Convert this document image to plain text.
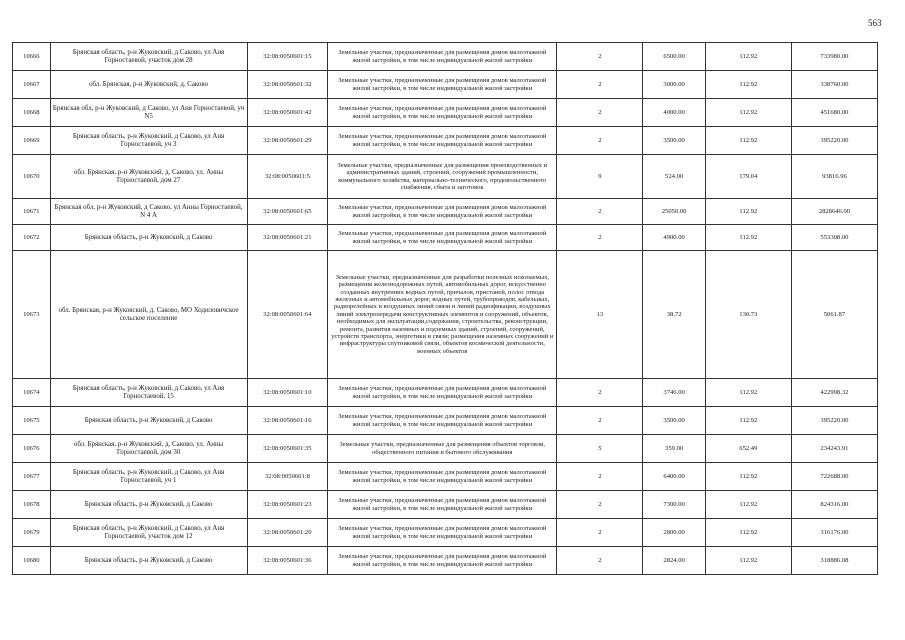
563
10666	Брянская область, р-н Жуковский, д Саково, ул Аня Горностаевой, участок дом 28	32:08:0050601:15	Земельные участки, предназначенные для размещения домов малоэтажной жилой застройки, в том числе индивидуальной жилой застройки	2	6500.00	112.92	733980.00
10667	обл. Брянская, р-н Жуковский, д. Саково	32:08:0050601:32	Земельные участки, предназначенные для размещения домов малоэтажной жилой застройки, в том числе индивидуальной жилой застройки	2	3000.00	112.92	338760.00
10668	Брянская обл, р-н Жуковский, д Саково, ул Аня Горностаевой, уч N5	32:08:0050601:42	Земельные участки, предназначенные для размещения домов малоэтажной жилой застройки, в том числе индивидуальной жилой застройки	2	4000.00	112.92	451680.00
10669	Брянская область, р-н Жуковский, д Саково, ул Аня Горностаевой, уч 3	32:08:0050601:29	Земельные участки, предназначенные для размещения домов малоэтажной жилой застройки, в том числе индивидуальной жилой застройки	2	3500.00	112.92	395220.00
10670	обл. Брянская, р-н Жуковский, д. Саково, ул. Анны Горностаевой, дом 27	32:08:0050601:5	Земельные участки, предназначенные для размещения производственных и административных зданий, строений, сооружений промышленности, коммунального хозяйства, материально-технического, продовольственного снабжения, сбыта и заготовок	9	524.00	179.04	93816.96
10671	Брянская обл, р-н Жуковский, д Саково, ул Анны Горностаевой, N 4 А	32:08:0050601:65	Земельные участки, предназначенные для размещения домов малоэтажной жилой застройки, в том числе индивидуальной жилой застройки	2	25050.00	112.92	2828646.00
10672	Брянская область, р-н Жуковский, д Саково	32:08:0050601:21	Земельные участки, предназначенные для размещения домов малоэтажной жилой застройки, в том числе индивидуальной жилой застройки	2	4900.00	112.92	553308.00
10673	обл. Брянская, р-н Жуковский, д. Саково, МО Ходиловичское сельское поселение	32:08:0050601:64	Земельные участки, предназначенные для разработки полезных ископаемых, размещения железнодорожных путей, автомобильных дорог, искусственно созданных внутренних водных путей, причалов, пристаней, полос отвода железных и автомобильных дорог, водных путей, трубопроводов, кабельных, радиорелейных и воздушных линий связи и линий радиофикации, воздушных линий электропередачи конструктивных элементов и сооружений, объектов, необходимых для эксплуатации,содержания, строительства, реконструкции, ремонта, развития наземных и подземных зданий, строений, сооружений, устройств транспорта, энергетики и связи; размещения наземных сооружений и инфраструктуры спутниковой связи, объектов космической деятельности, военных объектов	13	38.72	130.73	5061.87
10674	Брянская область, р-н Жуковский, д Саково, ул Аня Горностаевой, 15	32:08:0050601:10	Земельные участки, предназначенные для размещения домов малоэтажной жилой застройки, в том числе индивидуальной жилой застройки	2	3746.00	112.92	422998.32
10675	Брянская область, р-н Жуковский, д Саково	32:08:0050601:16	Земельные участки, предназначенные для размещения домов малоэтажной жилой застройки, в том числе индивидуальной жилой застройки	2	3500.00	112.92	395220.00
10676	обл. Брянская, р-н Жуковский, д. Саково, ул. Анны Горностаевой, дом 30	32:08:0050601:35	Земельные участки, предназначенные для размещения объектов торговли, общественного питания и бытового обслуживания	5	359.00	652.49	234243.91
10677	Брянская область, р-н Жуковский, д Саково, ул Аня Горностаевой, уч 1	32:08:0050601:8	Земельные участки, предназначенные для размещения домов малоэтажной жилой застройки, в том числе индивидуальной жилой застройки	2	6400.00	112.92	722688.00
10678	Брянская область, р-н Жуковский, д Саково	32:08:0050601:23	Земельные участки, предназначенные для размещения домов малоэтажной жилой застройки, в том числе индивидуальной жилой застройки	2	7300.00	112.92	824316.00
10679	Брянская область, р-н Жуковский, д Саково, ул Аня Горностаевой, участок дом 12	32:08:0050601:20	Земельные участки, предназначенные для размещения домов малоэтажной жилой застройки, в том числе индивидуальной жилой застройки	2	2800.00	112.92	316176.00
10680	Брянская область, р-н Жуковский, д Саково	32:08:0050601:36	Земельные участки, предназначенные для размещения домов малоэтажной жилой застройки, в том числе индивидуальной жилой застройки	2	2824.00	112.92	318886.08
